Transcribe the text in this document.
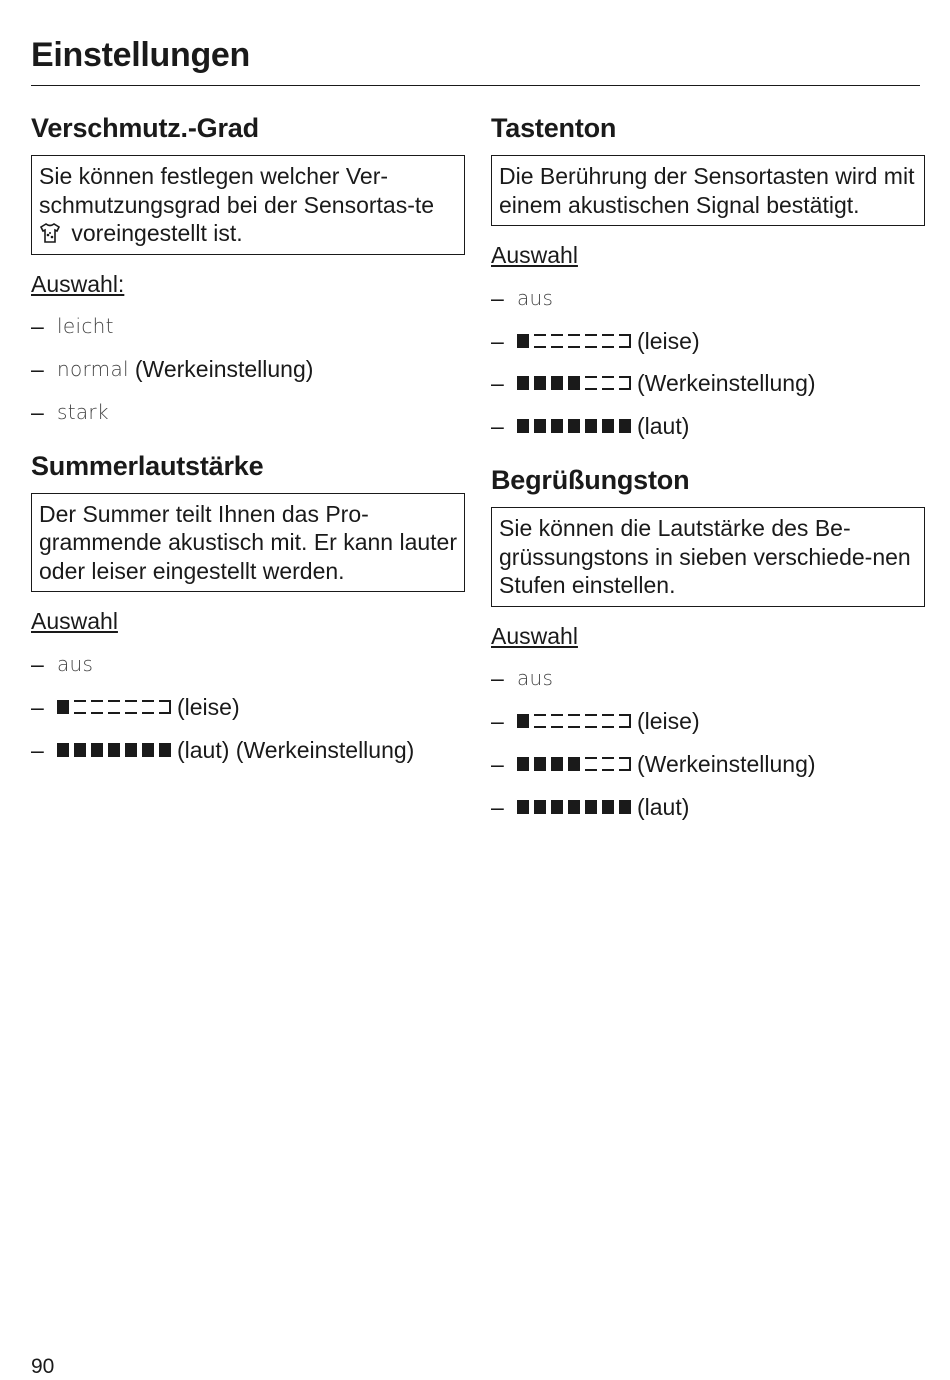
Einstellungen
Verschmutz.-Grad
Sie können festlegen welcher Ver-schmutzungsgrad bei der Sensortas-te voreingestellt ist.
Auswahl:
– leicht
– normal (Werkeinstellung)
– stark
Summerlautstärke
Der Summer teilt Ihnen das Pro-grammende akustisch mit. Er kann lauter oder leiser eingestellt werden.
Auswahl
– aus
–	(leise)
–	(laut) (Werkeinstellung)
Tastenton
Die Berührung der Sensortasten wird mit einem akustischen Signal bestätigt.
Auswahl
– aus
–	(leise)
–	(Werkeinstellung)
–	(laut)
Begrüßungston
Sie können die Lautstärke des Be-grüssungstons in sieben verschiede-nen Stufen einstellen.
Auswahl
– aus
–	(leise)
–	(Werkeinstellung)
–	(laut)
90
